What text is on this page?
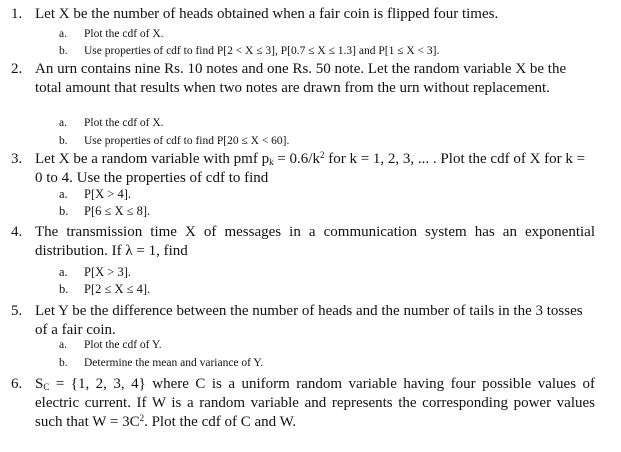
1. Let X be the number of heads obtained when a fair coin is flipped four times.
a. Plot the cdf of X.
b. Use properties of cdf to find P[2 < X ≤ 3], P[0.7 ≤ X ≤ 1.3] and P[1 ≤ X < 3].
2. An urn contains nine Rs. 10 notes and one Rs. 50 note. Let the random variable X be the total amount that results when two notes are drawn from the urn without replacement.
a. Plot the cdf of X.
b. Use properties of cdf to find P[20 ≤ X < 60].
3. Let X be a random variable with pmf $p_k = 0.6/k^2$ for k = 1, 2, 3, ... . Plot the cdf of X for k = 0 to 4. Use the properties of cdf to find
a. P[X > 4].
b. P[6 ≤ X ≤ 8].
4. The transmission time X of messages in a communication system has an exponential distribution. If λ = 1, find
a. P[X > 3].
b. P[2 ≤ X ≤ 4].
5. Let Y be the difference between the number of heads and the number of tails in the 3 tosses of a fair coin.
a. Plot the cdf of Y.
b. Determine the mean and variance of Y.
6. $S_C = \{1$, 2, 3, 4} where C is a uniform random variable having four possible values of electric current. If W is a random variable and represents the corresponding power values such that $W = 3C^2$. Plot the cdf of C and W.
